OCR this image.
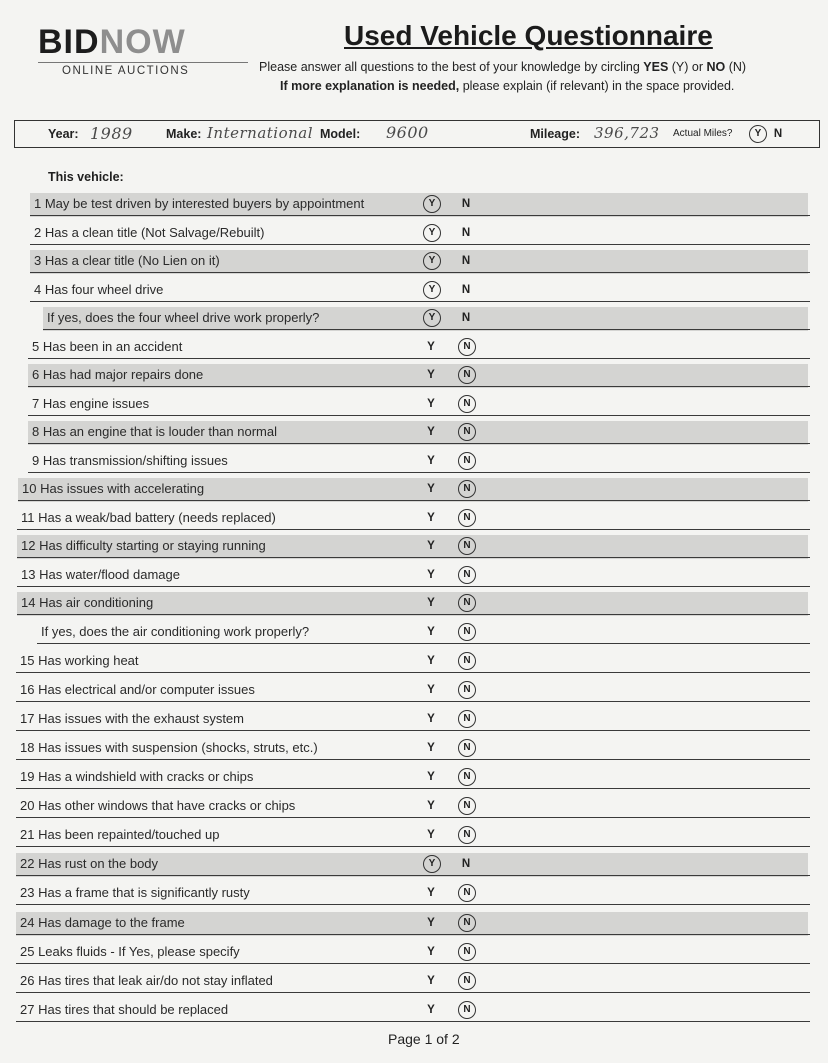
BIDNOW
ONLINE AUCTIONS
Used Vehicle Questionnaire
Please answer all questions to the best of your knowledge by circling YES (Y) or NO (N)
If more explanation is needed, please explain (if relevant) in the space provided.
Year: 1989	Make: International Model: 9600	Mileage: 396,723 Actual Miles?	Y	N
This vehicle:
1 May be test driven by interested buyers by appointment	Y	N
2 Has a clean title (Not Salvage/Rebuilt)	Y	N
3 Has a clear title (No Lien on it)	Y	N
4 Has four wheel drive	Y	N
If yes, does the four wheel drive work properly?	Y	N
5 Has been in an accident	Y	N
6 Has had major repairs done	Y	N
7 Has engine issues	Y	N
8 Has an engine that is louder than normal	Y	N
9 Has transmission/shifting issues	Y	N
10 Has issues with accelerating	Y	N
11 Has a weak/bad battery (needs replaced)	Y	N
12 Has difficulty starting or staying running	Y	N
13 Has water/flood damage	Y	N
14 Has air conditioning	Y	N
If yes, does the air conditioning work properly?	Y	N
15 Has working heat	Y	N
16 Has electrical and/or computer issues	Y	N
17 Has issues with the exhaust system	Y	N
18 Has issues with suspension (shocks, struts, etc.)	Y	N
19 Has a windshield with cracks or chips	Y	N
20 Has other windows that have cracks or chips	Y	N
21 Has been repainted/touched up	Y	N
22 Has rust on the body	Y	N
23 Has a frame that is significantly rusty	Y	N
24 Has damage to the frame	Y	N
25 Leaks fluids - If Yes, please specify	Y	N
26 Has tires that leak air/do not stay inflated	Y	N
27 Has tires that should be replaced	Y	N
Page 1 of 2
